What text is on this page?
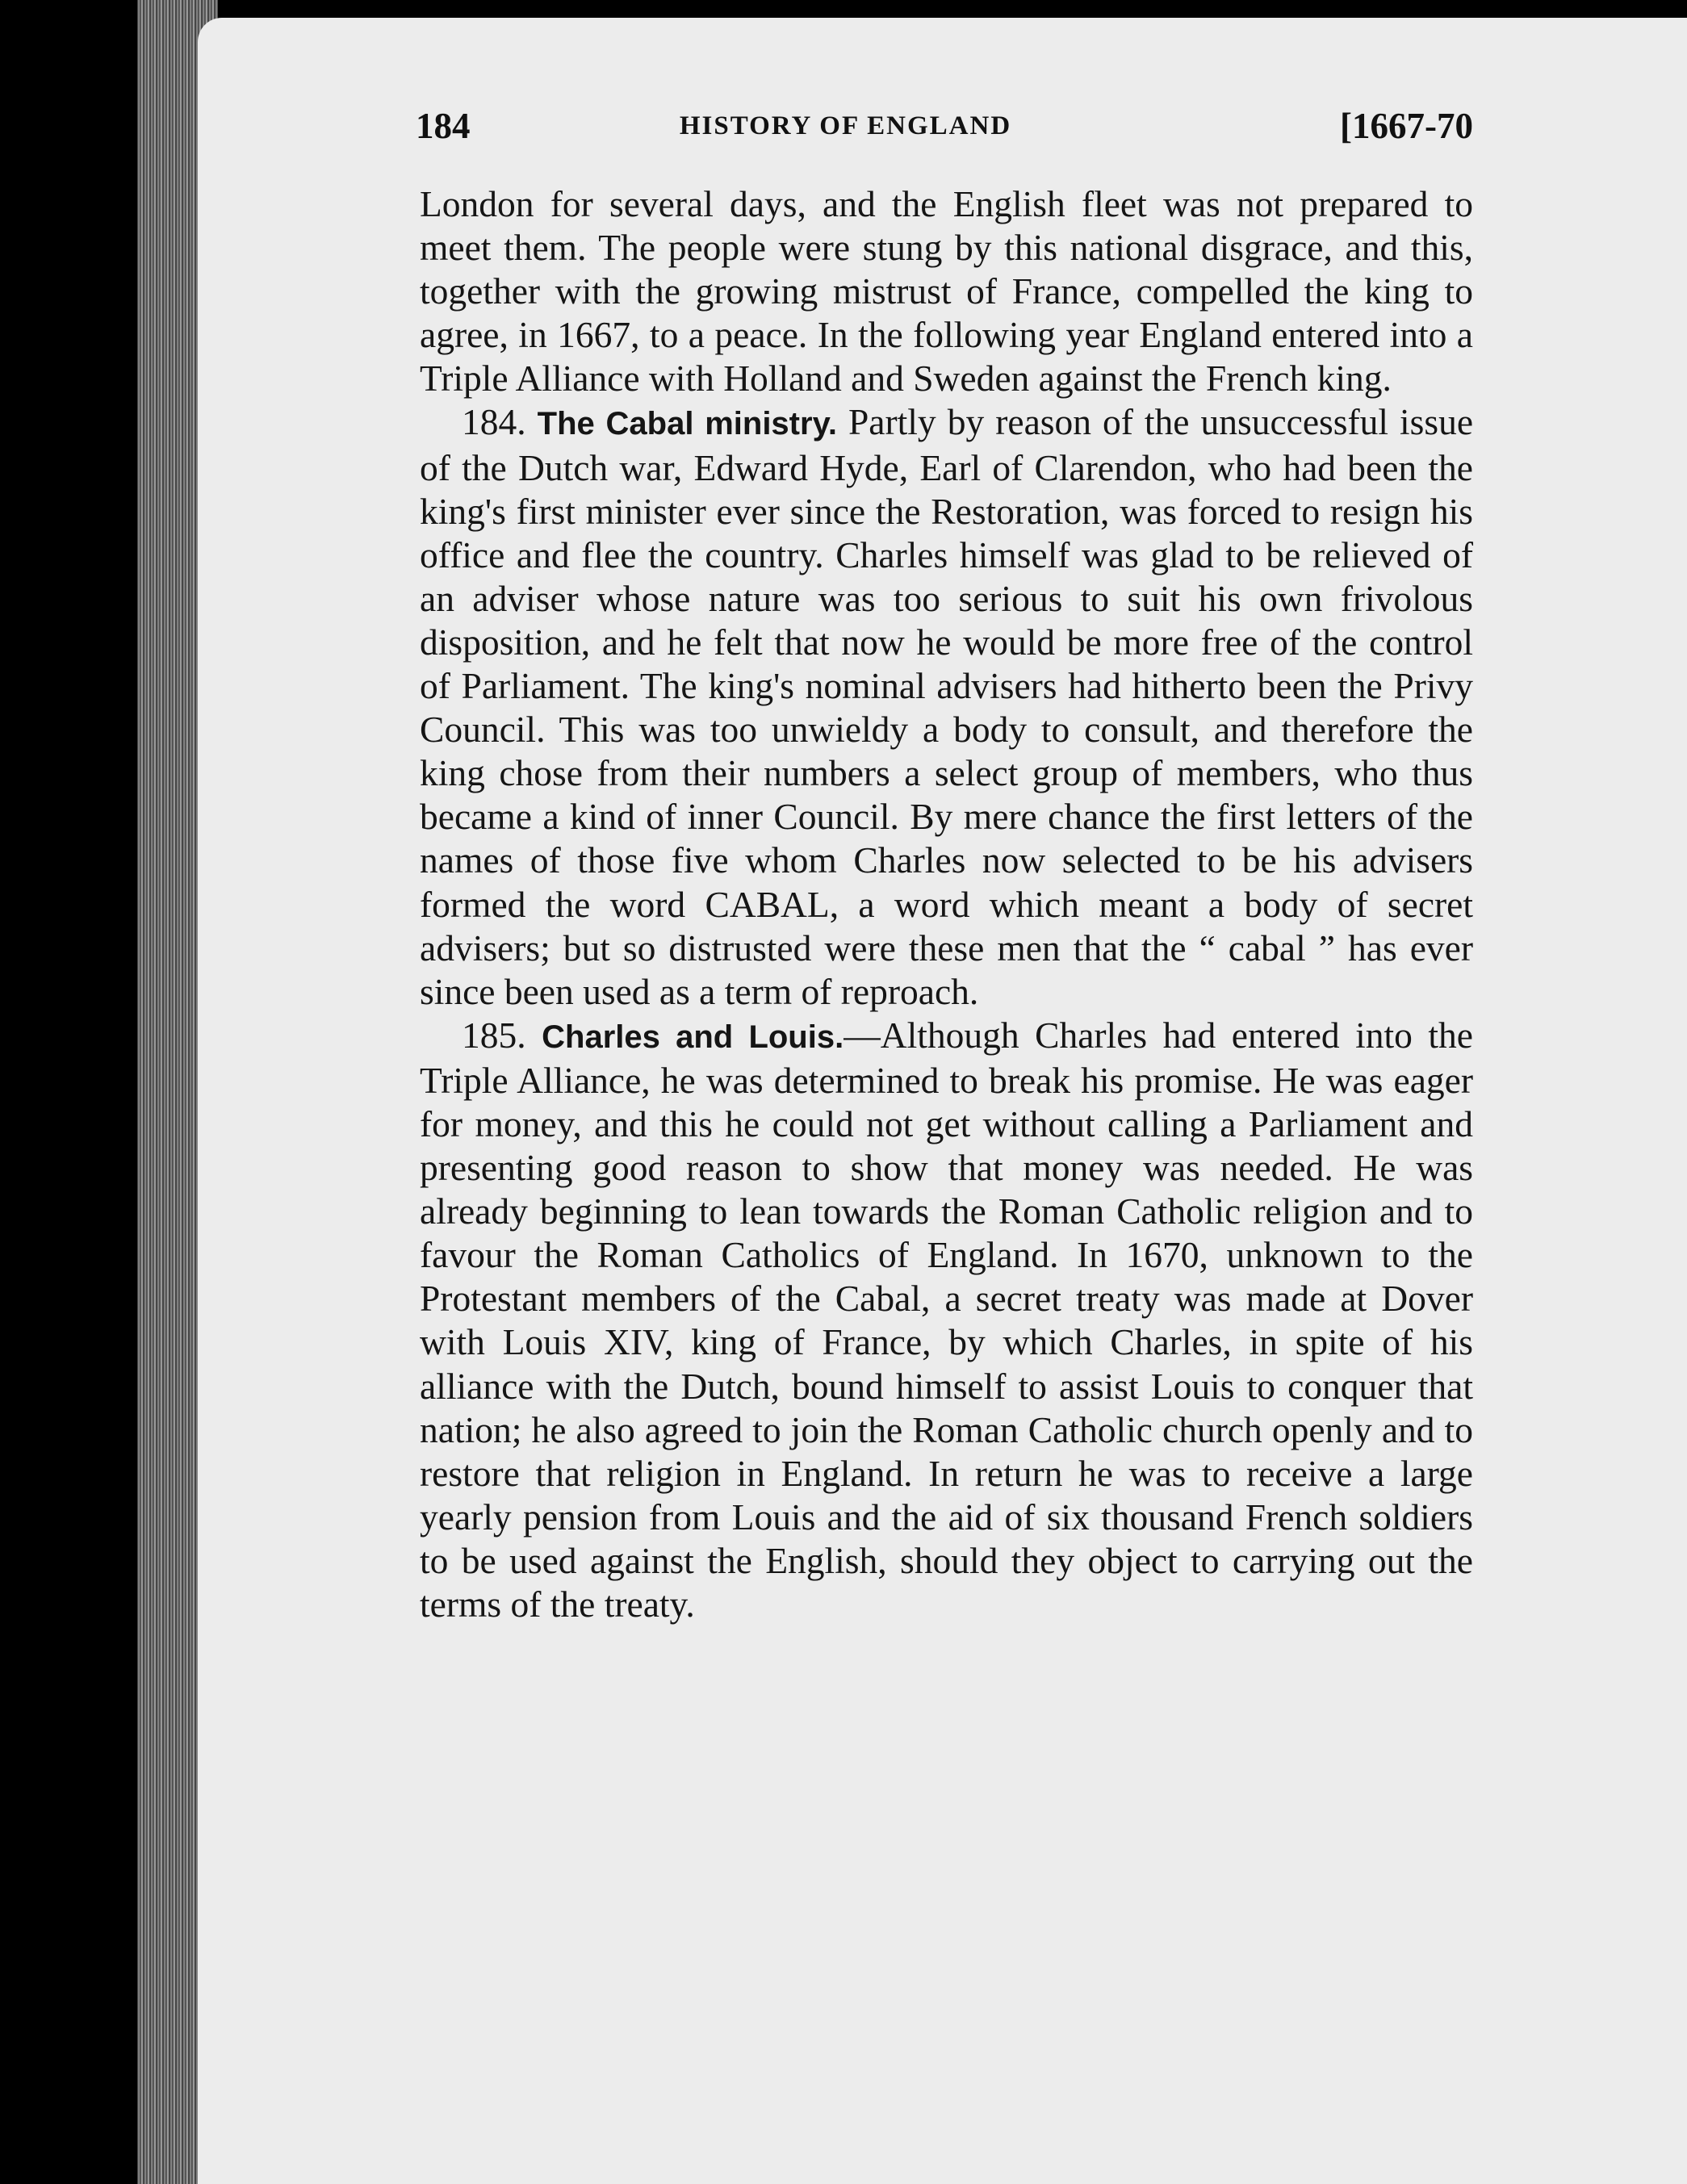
184	HISTORY OF ENGLAND	[1667-70

London for several days, and the English fleet was not prepared to meet them. The people were stung by this national disgrace, and this, together with the growing mistrust of France, compelled the king to agree, in 1667, to a peace. In the following year England entered into a Triple Alliance with Holland and Sweden against the French king.

184. The Cabal ministry. Partly by reason of the unsuccessful issue of the Dutch war, Edward Hyde, Earl of Clarendon, who had been the king's first minister ever since the Restoration, was forced to resign his office and flee the country. Charles himself was glad to be relieved of an adviser whose nature was too serious to suit his own frivolous disposition, and he felt that now he would be more free of the control of Parliament. The king's nominal advisers had hitherto been the Privy Council. This was too unwieldy a body to consult, and therefore the king chose from their numbers a select group of members, who thus became a kind of inner Council. By mere chance the first letters of the names of those five whom Charles now selected to be his advisers formed the word CABAL, a word which meant a body of secret advisers; but so distrusted were these men that the “ cabal ” has ever since been used as a term of reproach.

185. Charles and Louis.—Although Charles had entered into the Triple Alliance, he was determined to break his promise. He was eager for money, and this he could not get without calling a Parliament and presenting good reason to show that money was needed. He was already beginning to lean towards the Roman Catholic religion and to favour the Roman Catholics of England. In 1670, unknown to the Protestant members of the Cabal, a secret treaty was made at Dover with Louis XIV, king of France, by which Charles, in spite of his alliance with the Dutch, bound himself to assist Louis to conquer that nation; he also agreed to join the Roman Catholic church openly and to restore that religion in England. In return he was to receive a large yearly pension from Louis and the aid of six thousand French soldiers to be used against the English, should they object to carrying out the terms of the treaty.
